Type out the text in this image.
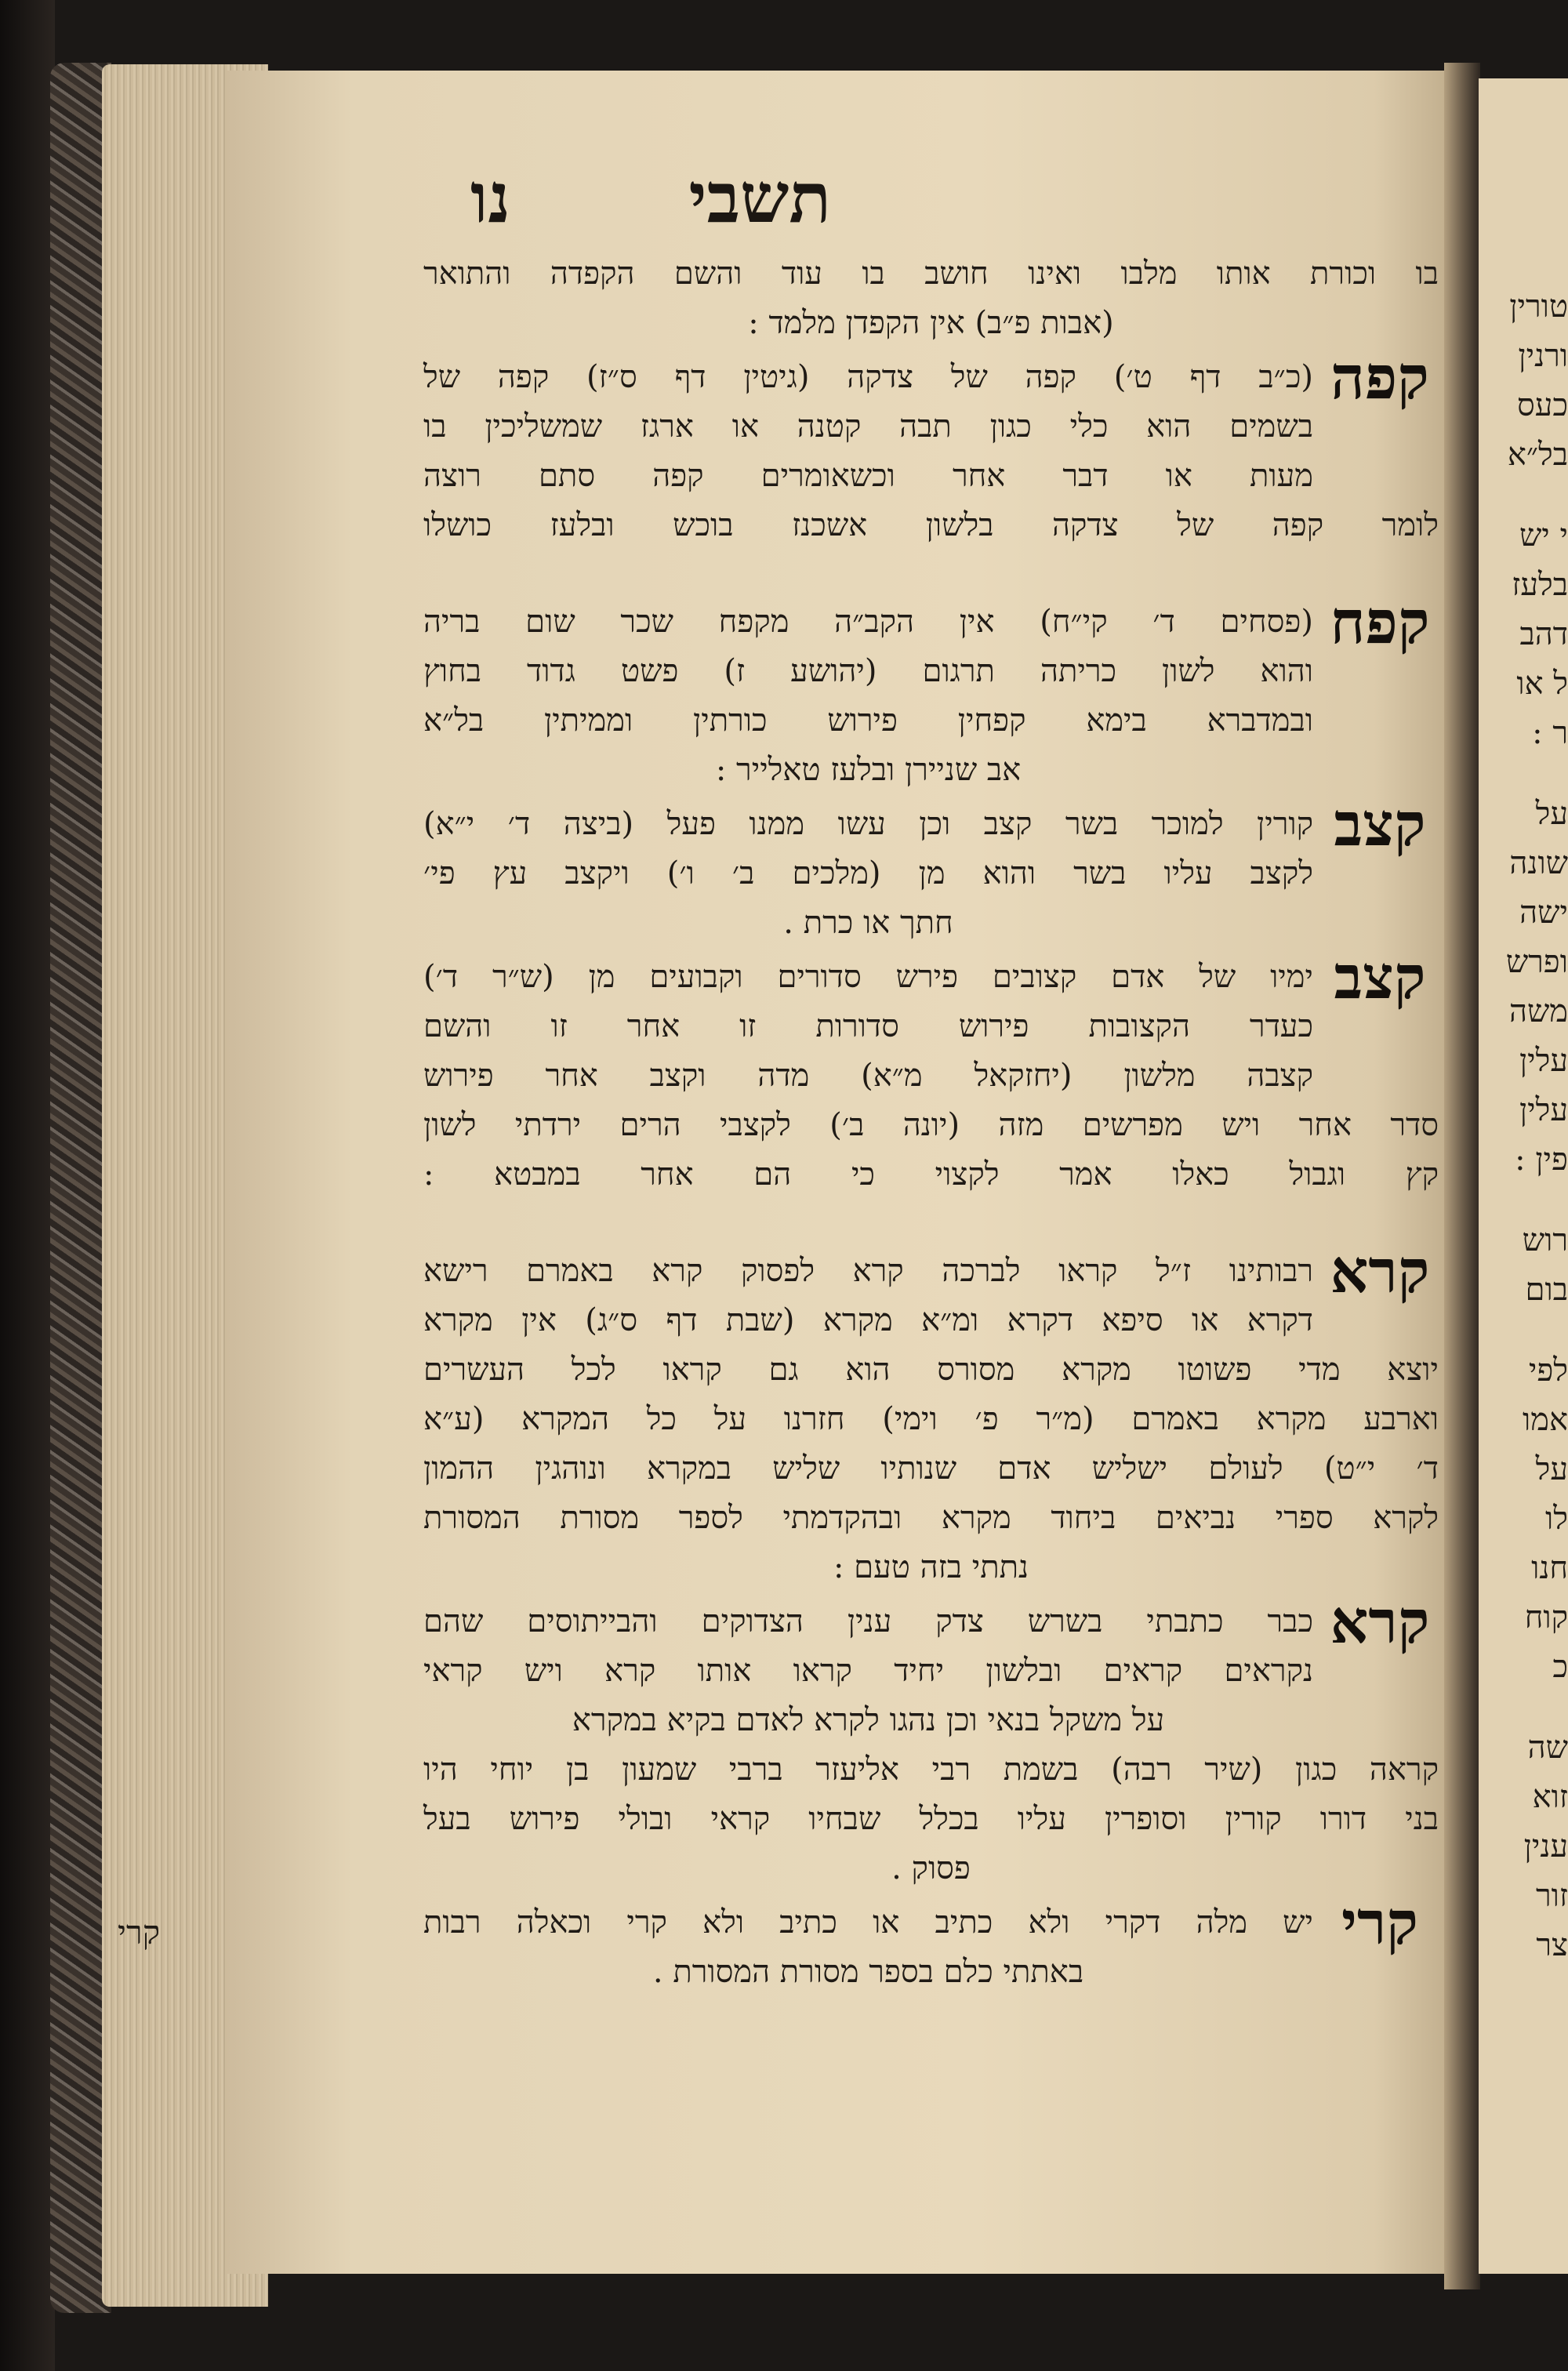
טורין
ורנין
כעס
בל״א
י יש
בלעז
דהב
ל או
ר :
על
שונה
ישה
ופרש
משה
עלין
עלין
פין :
רוש
בום
לפי
אמו
על
לו
חנו
קוח
כ
שה
זוא
ענין
זור
צר
תשבי
נו
בו וכורת אותו מלבו ואינו חושב בו עוד והשם הקפדה והתואר
(אבות פ״ב) אין הקפדן מלמד :
קפה
(כ״ב דף ט׳) קפה של צדקה (גיטין דף ס״ז) קפה של
בשמים הוא כלי כגון תבה קטנה או ארגז שמשליכין בו
מעות או דבר אחר וכשאומרים קפה סתם רוצה
לומר קפה של צדקה בלשון אשכנז בוכש ובלעז כושלו
קפח
(פסחים ד׳ קי״ח) אין הקב״ה מקפח שכר שום בריה
והוא לשון כריתה תרגום (יהושע ז) פשט גדוד בחוץ
ובמדברא בימא קפחין פירוש כורתין וממיתין בל״א
אב שניירן ובלעז טאלייר :
קצב
קורין למוכר בשר קצב וכן עשו ממנו פעל (ביצה ד׳ י״א)
לקצב עליו בשר והוא מן (מלכים ב׳ ו׳) ויקצב עץ פי׳
חתך או כרת .
קצב
ימיו של אדם קצובים פירש סדורים וקבועים מן (ש״ר ד׳)
כעדר הקצובות פירוש סדורות זו אחר זו והשם
קצבה מלשון (יחזקאל מ״א) מדה וקצב אחר פירוש
סדר אחר ויש מפרשים מזה (יונה ב׳) לקצבי הרים ירדתי לשון
קץ וגבול כאלו אמר לקצוי כי הם אחר במבטא :
קרא
רבותינו ז״ל קראו לברכה קרא לפסוק קרא באמרם רישא
דקרא או סיפא דקרא ומ״א מקרא (שבת דף ס״ג) אין מקרא
יוצא מדי פשוטו מקרא מסורס הוא גם קראו לכל העשרים
וארבע מקרא באמרם (מ״ר פ׳ וימי) חזרנו על כל המקרא (ע״א
ד׳ י״ט) לעולם ישליש אדם שנותיו שליש במקרא ונוהגין ההמון
לקרא ספרי נביאים ביחוד מקרא ובהקדמתי לספר מסורת המסורת
נתתי בזה טעם :
קרא
כבר כתבתי בשרש צדק ענין הצדוקים והבייתוסים שהם
נקראים קראים ובלשון יחיד קראו אותו קרא ויש קראי
על משקל בנאי וכן נהגו לקרא לאדם בקיא במקרא
קראה כגון (שיר רבה) בשמת רבי אליעזר ברבי שמעון בן יוחי היו
בני דורו קורין וסופרין עליו בכלל שבחיו קראי ובולי פירוש בעל
פסוק .
קרי
יש מלה דקרי ולא כתיב או כתיב ולא קרי וכאלה רבות
באתתי כלם בספר מסורת המסורת .
קרי
